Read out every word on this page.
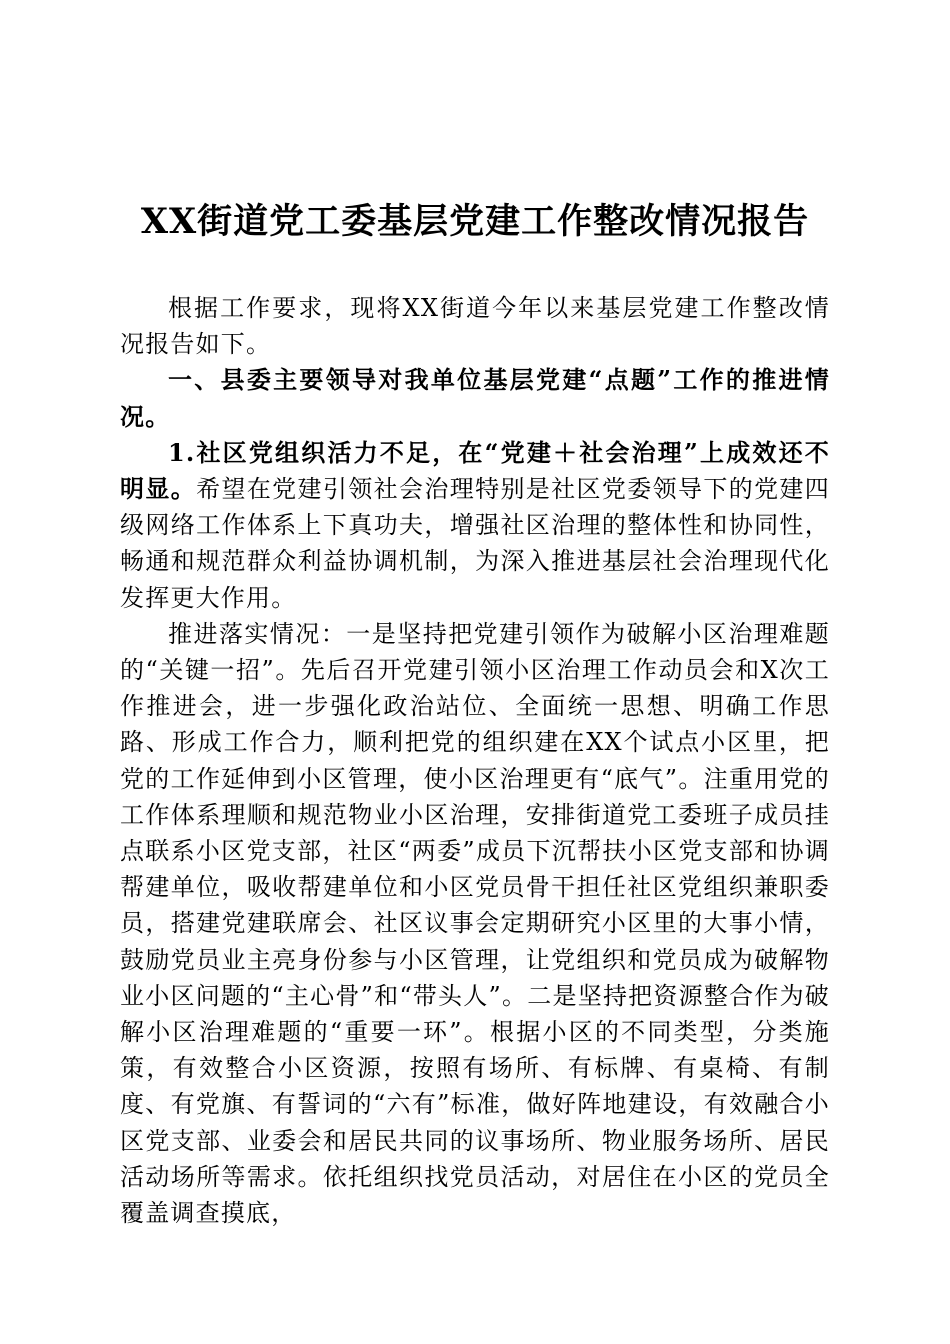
XX街道党工委基层党建工作整改情况报告

根据工作要求，现将XX街道今年以来基层党建工作整改情况报告如下。

一、县委主要领导对我单位基层党建“点题”工作的推进情况。

1.社区党组织活力不足，在“党建＋社会治理”上成效还不明显。希望在党建引领社会治理特别是社区党委领导下的党建四级网络工作体系上下真功夫，增强社区治理的整体性和协同性，畅通和规范群众利益协调机制，为深入推进基层社会治理现代化发挥更大作用。

推进落实情况：一是坚持把党建引领作为破解小区治理难题的“关键一招”。先后召开党建引领小区治理工作动员会和X次工作推进会，进一步强化政治站位、全面统一思想、明确工作思路、形成工作合力，顺利把党的组织建在XX个试点小区里，把党的工作延伸到小区管理，使小区治理更有“底气”。注重用党的工作体系理顺和规范物业小区治理，安排街道党工委班子成员挂点联系小区党支部，社区“两委”成员下沉帮扶小区党支部和协调帮建单位，吸收帮建单位和小区党员骨干担任社区党组织兼职委员，搭建党建联席会、社区议事会定期研究小区里的大事小情，鼓励党员业主亮身份参与小区管理，让党组织和党员成为破解物业小区问题的“主心骨”和“带头人”。二是坚持把资源整合作为破解小区治理难题的“重要一环”。根据小区的不同类型，分类施策，有效整合小区资源，按照有场所、有标牌、有桌椅、有制度、有党旗、有誓词的“六有”标准，做好阵地建设，有效融合小区党支部、业委会和居民共同的议事场所、物业服务场所、居民活动场所等需求。依托组织找党员活动，对居住在小区的党员全覆盖调查摸底，
